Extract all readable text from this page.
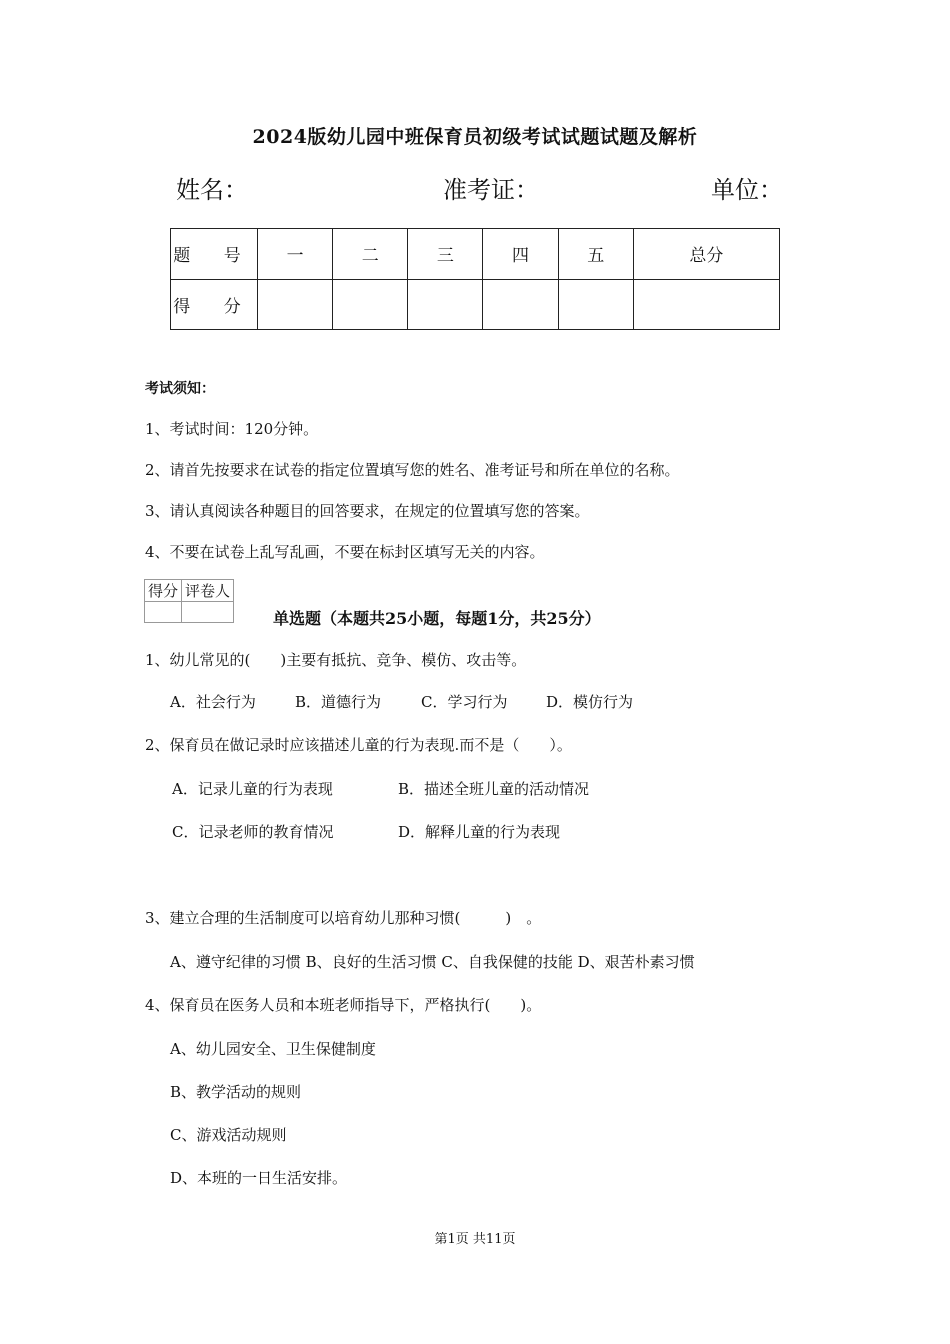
2024版幼儿园中班保育员初级考试试题试题及解析
姓名：	准考证：	单位：
题 号	一	二	三	四	五	总分
得 分						
考试须知：
1、考试时间：120分钟。
2、请首先按要求在试卷的指定位置填写您的姓名、准考证号和所在单位的名称。
3、请认真阅读各种题目的回答要求，在规定的位置填写您的答案。
4、不要在试卷上乱写乱画，不要在标封区填写无关的内容。
得分	评卷人

单选题（本题共25小题，每题1分，共25分）
1、幼儿常见的(　　)主要有抵抗、竞争、模仿、攻击等。
A．社会行为	B．道德行为	C．学习行为	D．模仿行为
2、保育员在做记录时应该描述儿童的行为表现.而不是（　　）。
A．记录儿童的行为表现	B．描述全班儿童的活动情况
C．记录老师的教育情况	D．解释儿童的行为表现
3、建立合理的生活制度可以培育幼儿那种习惯(　　　)　。
A、遵守纪律的习惯 B、良好的生活习惯 C、自我保健的技能 D、艰苦朴素习惯
4、保育员在医务人员和本班老师指导下，严格执行(　　)。
A、幼儿园安全、卫生保健制度
B、教学活动的规则
C、游戏活动规则
D、本班的一日生活安排。
第1页 共11页
